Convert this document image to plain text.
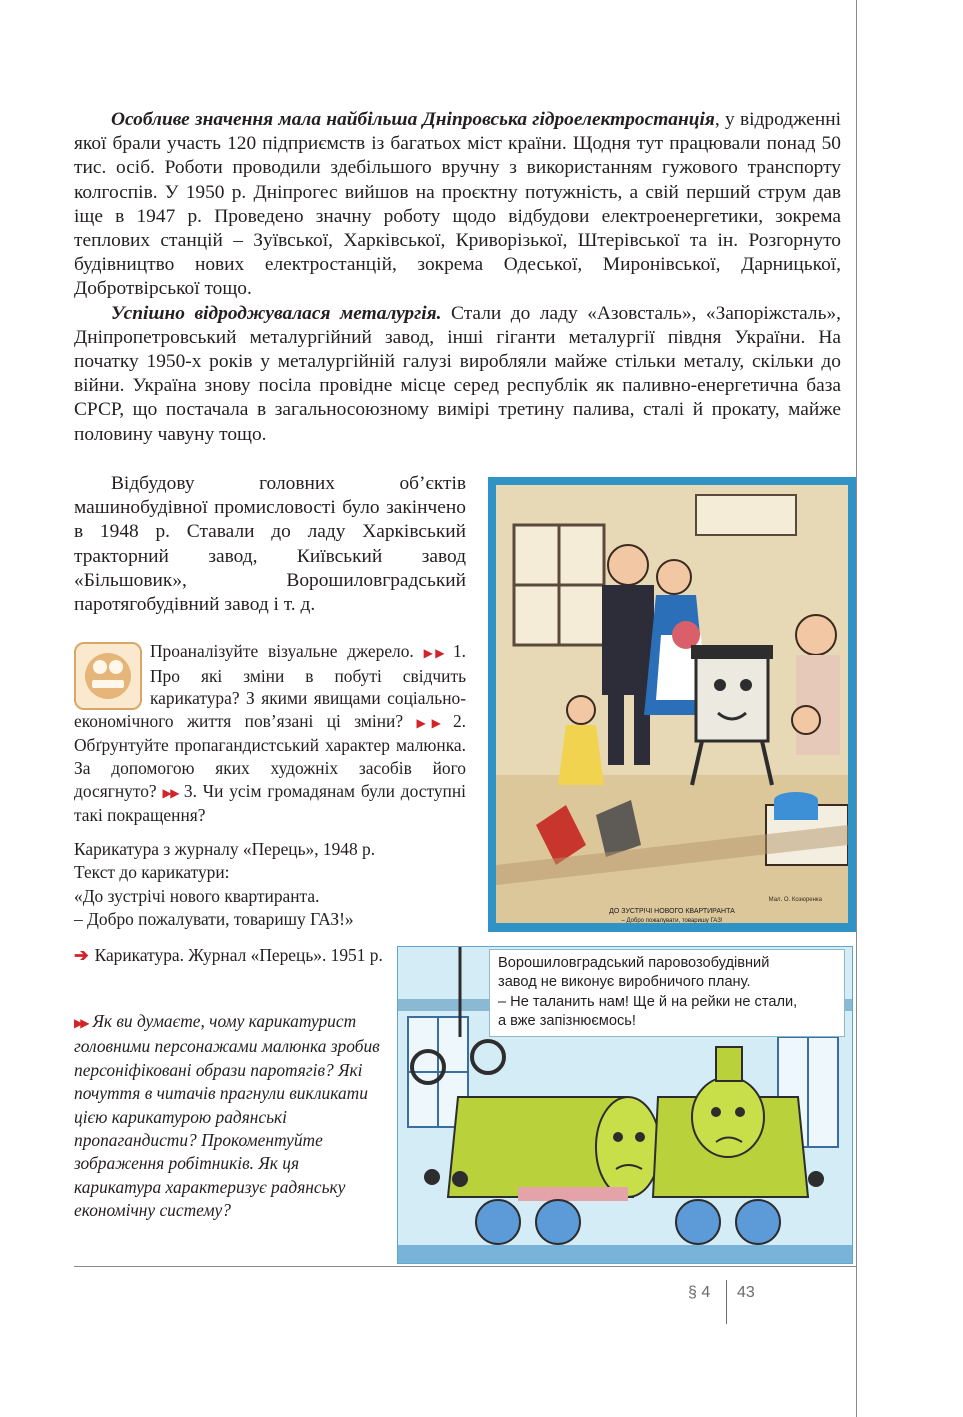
Особливе значення мала найбільша Дніпровська гідроелектростанція, у відродженні якої брали участь 120 підприємств із багатьох міст країни. Щодня тут працювали понад 50 тис. осіб. Роботи проводили здебільшого вручну з використанням гужового транспорту колгоспів. У 1950 р. Дніпрогес вийшов на проєктну потужність, а свій перший струм дав іще в 1947 р. Проведено значну роботу щодо відбудови електроенергетики, зокрема теплових станцій – Зуївської, Харківської, Криворізької, Штерівської та ін. Розгорнуто будівництво нових електростанцій, зокрема Одеської, Миронівської, Дарницької, Добротвірської тощо.

Успішно відроджувалася металургія. Стали до ладу «Азовсталь», «Запоріжсталь», Дніпропетровський металургійний завод, інші гіганти металургії півдня України. На початку 1950-х років у металургійній галузі виробляли майже стільки металу, скільки до війни. Україна знову посіла провідне місце серед республік як паливно-енергетична база СРСР, що постачала в загальносоюзному вимірі третину палива, сталі й прокату, майже половину чавуну тощо.

Відбудову головних об’єктів машинобудівної промисловості було закінчено в 1948 р. Ставали до ладу Харківський тракторний завод, Київський завод «Більшовик», Ворошиловградський паротягобудівний завод і т. д.

Проаналізуйте візуальне джерело. ▶▶ 1. Про які зміни в побуті свідчить карикатура? З якими явищами соціально-економічного життя пов’язані ці зміни? ▶▶ 2. Обґрунтуйте пропагандистський характер малюнка. За допомогою яких художніх засобів його досягнуто? ▶▶ 3. Чи усім громадянам були доступні такі покращення?
Карикатура з журналу «Перець», 1948 р.
Текст до карикатури:
«До зустрічі нового квартиранта.
– Добро пожалувати, товаришу ГАЗ!»
Мал. О. Козюренка
ДО ЗУСТРІЧІ НОВОГО КВАРТИРАНТА
– Добро пожалувати, товаришу ГАЗ!
➔ Карикатура. Журнал «Перець». 1951 р.
▶▶ Як ви думаєте, чому карикатурист головними персонажами малюнка зробив персоніфіковані образи паротягів? Які почуття в читачів прагнули викликати цією карикатурою радянські пропагандисти? Прокоментуйте зображення робітників. Як ця карикатура характеризує радянську економічну систему?
Ворошиловградський паровозобудівний
завод не виконує виробничого плану.
– Не таланить нам! Ще й на рейки не стали,
а вже запізнюємось!
§ 4 43
